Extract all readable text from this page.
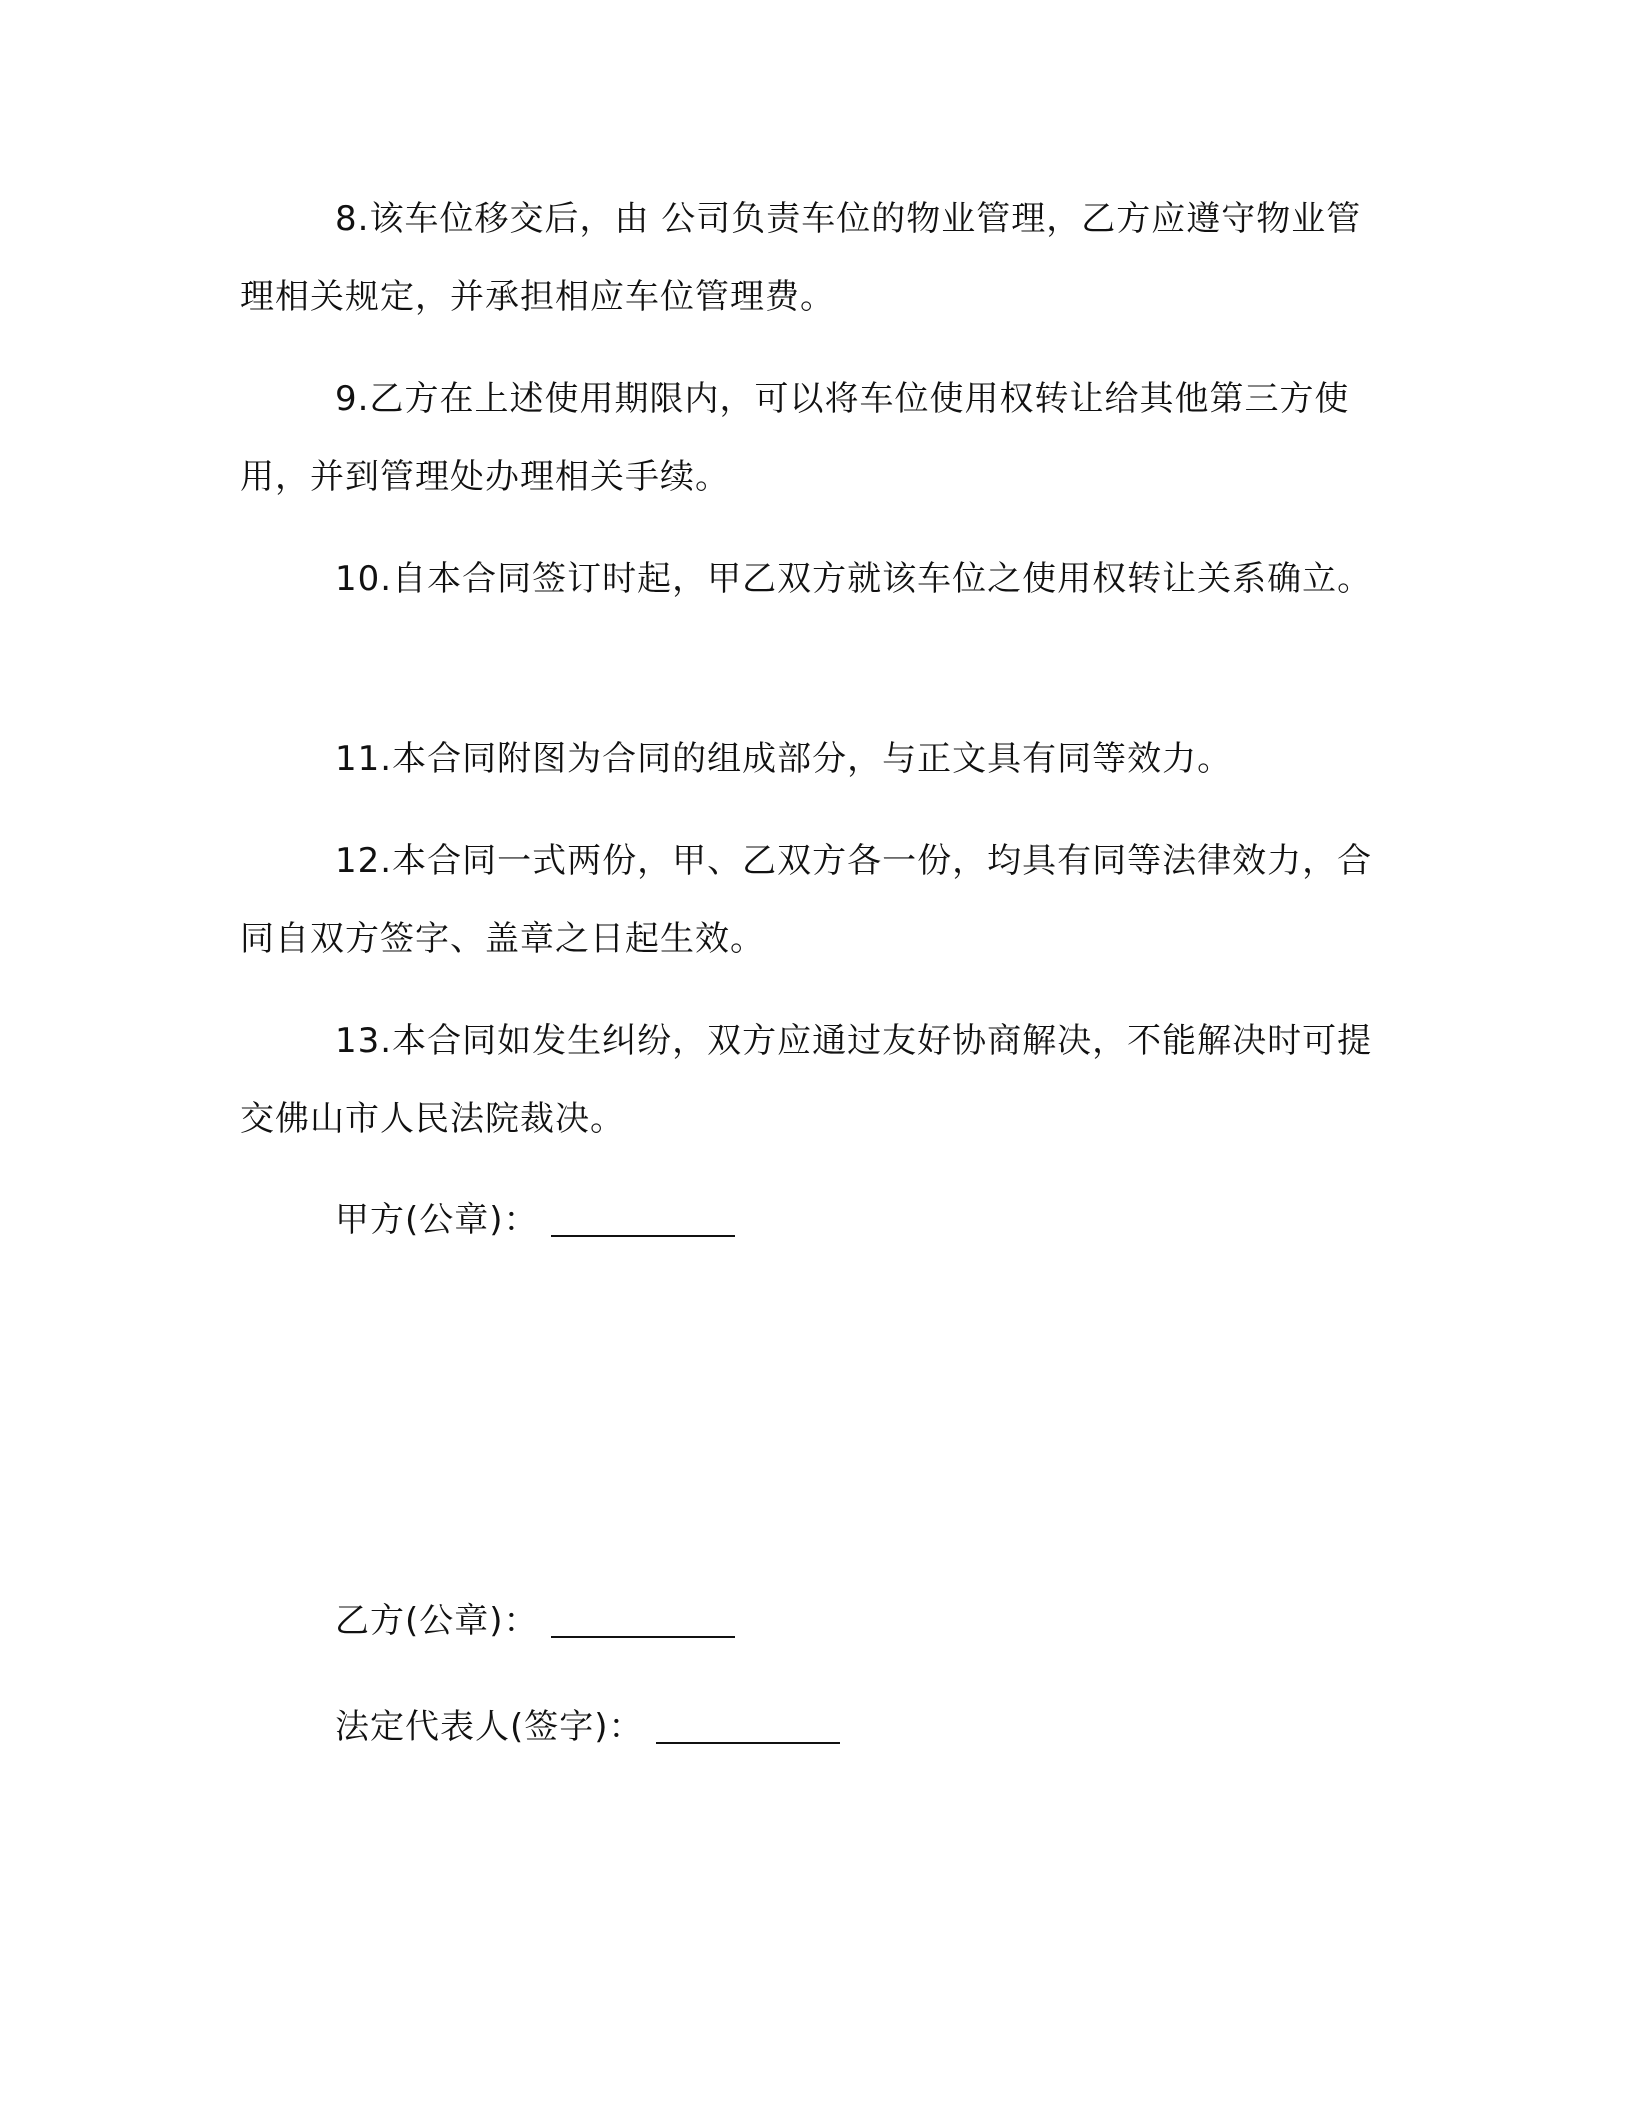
8.该车位移交后，由 公司负责车位的物业管理，乙方应遵守物业管理相关规定，并承担相应车位管理费。

9.乙方在上述使用期限内，可以将车位使用权转让给其他第三方使用，并到管理处办理相关手续。

10.自本合同签订时起，甲乙双方就该车位之使用权转让关系确立。

11.本合同附图为合同的组成部分，与正文具有同等效力。

12.本合同一式两份，甲、乙双方各一份，均具有同等法律效力，合同自双方签字、盖章之日起生效。

13.本合同如发生纠纷，双方应通过友好协商解决，不能解决时可提交佛山市人民法院裁决。

甲方(公章)：
乙方(公章)：
法定代表人(签字)：
